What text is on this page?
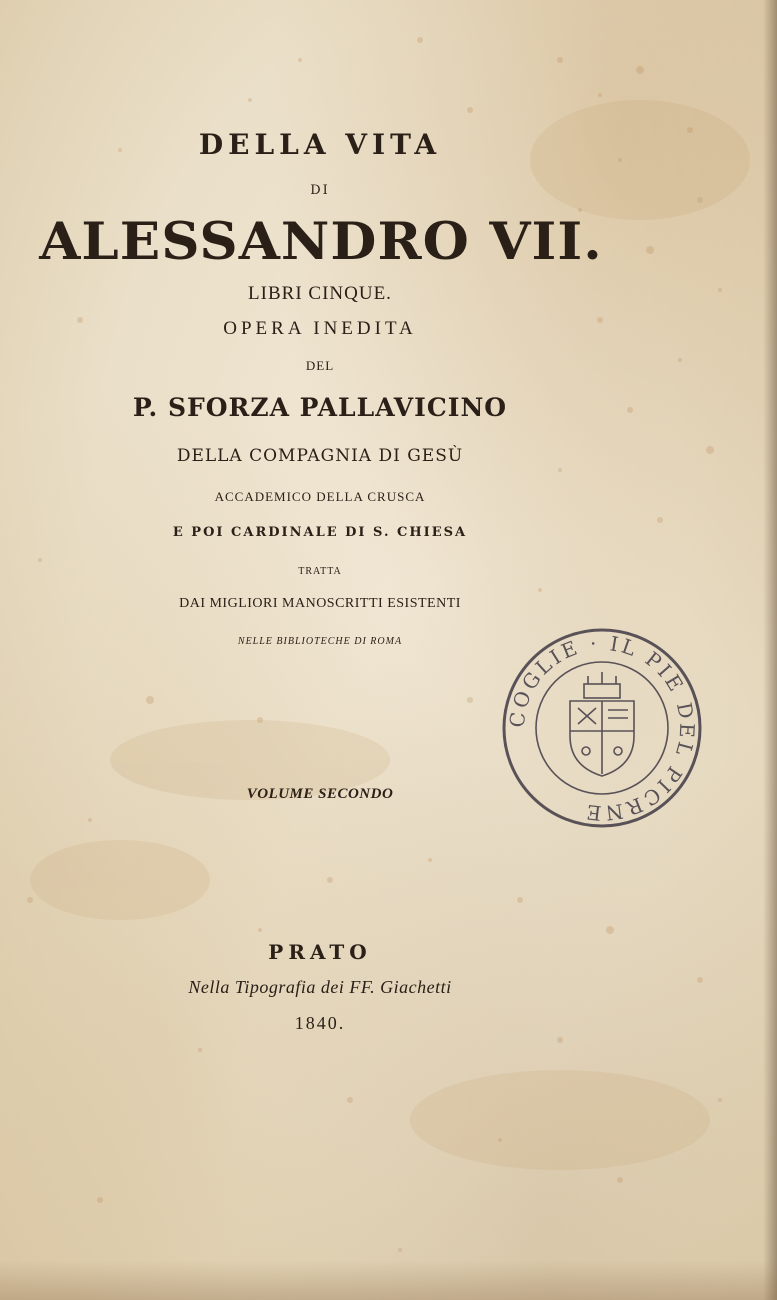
DELLA VITA
DI
ALESSANDRO VII.
LIBRI CINQUE.
OPERA INEDITA
DEL
P. SFORZA PALLAVICINO
DELLA COMPAGNIA DI GESÙ
ACCADEMICO DELLA CRUSCA
E POI CARDINALE DI S. CHIESA
TRATTA
DAI MIGLIORI MANOSCRITTI ESISTENTI
NELLE BIBLIOTECHE DI ROMA
VOLUME SECONDO
PRATO
Nella Tipografia dei FF. Giachetti
1840.
COGLIE · IL PIE DEL PICRNE
